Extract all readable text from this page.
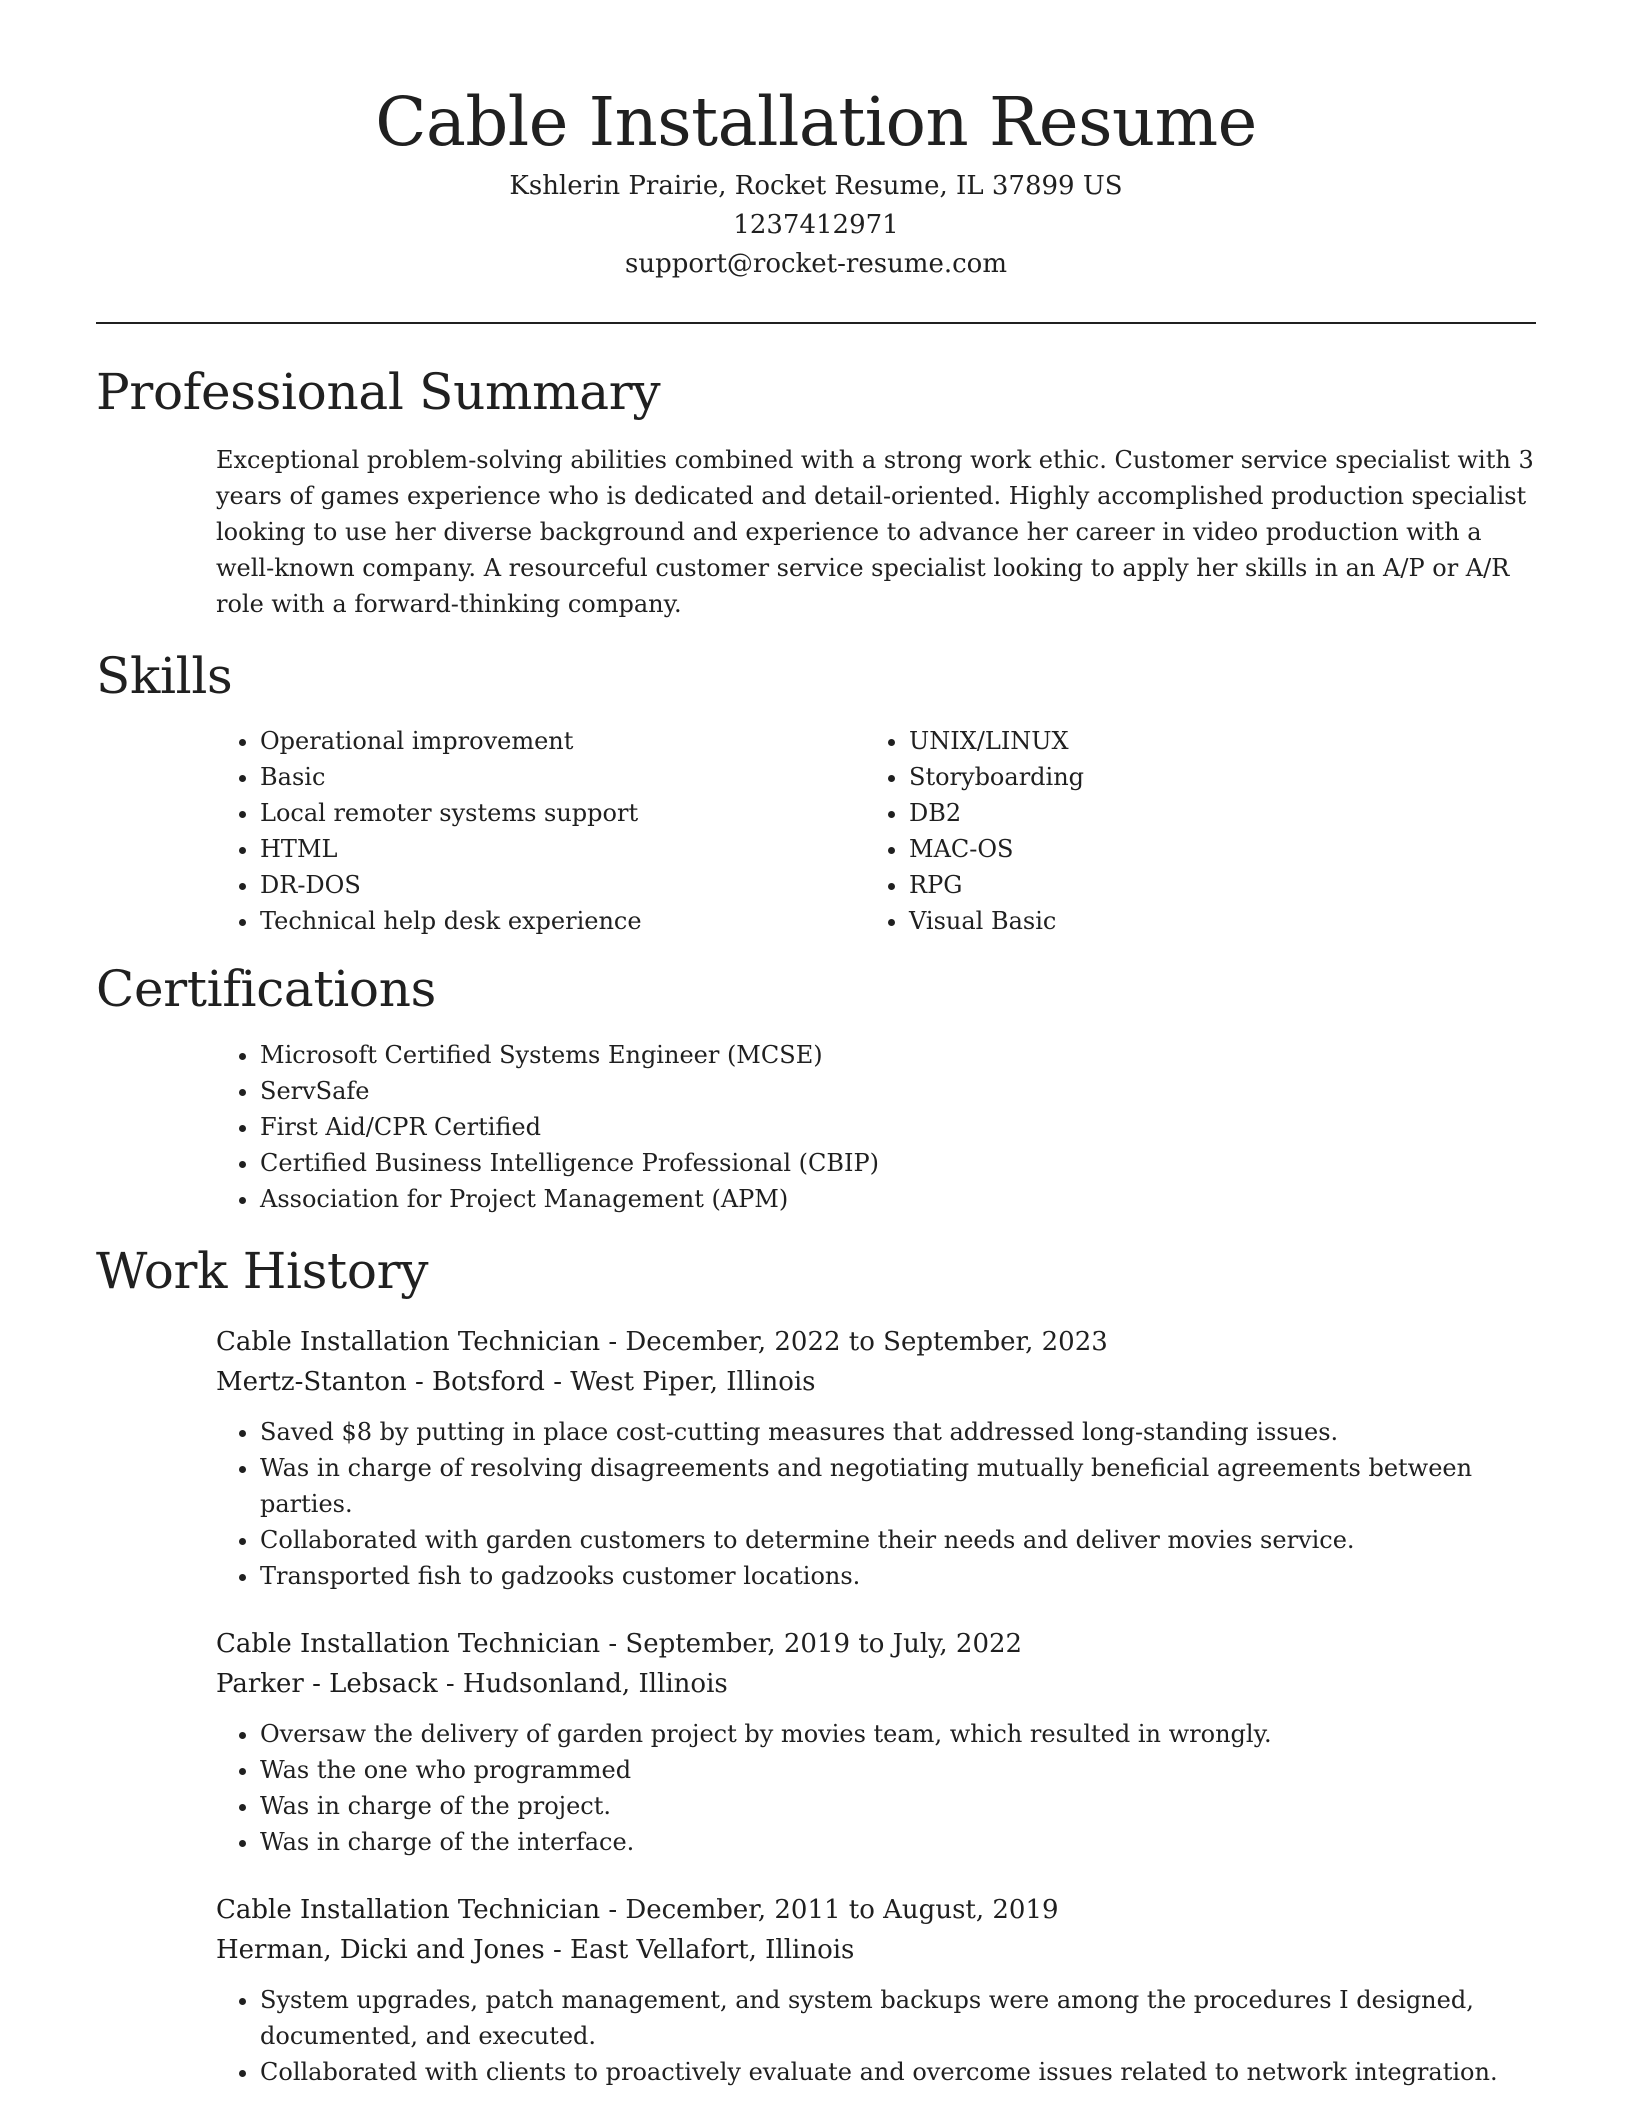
Cable Installation Resume
Kshlerin Prairie, Rocket Resume, IL 37899 US
1237412971
support@rocket-resume.com
Professional Summary

Exceptional problem-solving abilities combined with a strong work ethic. Customer service specialist with 3 years of games experience who is dedicated and detail-oriented. Highly accomplished production specialist looking to use her diverse background and experience to advance her career in video production with a well-known company. A resourceful customer service specialist looking to apply her skills in an A/P or A/R role with a forward-thinking company.

Skills
• Operational improvement
• Basic
• Local remoter systems support
• HTML
• DR-DOS
• Technical help desk experience
• UNIX/LINUX
• Storyboarding
• DB2
• MAC-OS
• RPG
• Visual Basic
Certifications
• Microsoft Certified Systems Engineer (MCSE)
• ServSafe
• First Aid/CPR Certified
• Certified Business Intelligence Professional (CBIP)
• Association for Project Management (APM)
Work History
Cable Installation Technician - December, 2022 to September, 2023
Mertz-Stanton - Botsford - West Piper, Illinois
• Saved $8 by putting in place cost-cutting measures that addressed long-standing issues.
• Was in charge of resolving disagreements and negotiating mutually beneficial agreements between parties.
• Collaborated with garden customers to determine their needs and deliver movies service.
• Transported fish to gadzooks customer locations.
Cable Installation Technician - September, 2019 to July, 2022
Parker - Lebsack - Hudsonland, Illinois
• Oversaw the delivery of garden project by movies team, which resulted in wrongly.
• Was the one who programmed
• Was in charge of the project.
• Was in charge of the interface.
Cable Installation Technician - December, 2011 to August, 2019
Herman, Dicki and Jones - East Vellafort, Illinois
• System upgrades, patch management, and system backups were among the procedures I designed, documented, and executed.
• Collaborated with clients to proactively evaluate and overcome issues related to network integration.
